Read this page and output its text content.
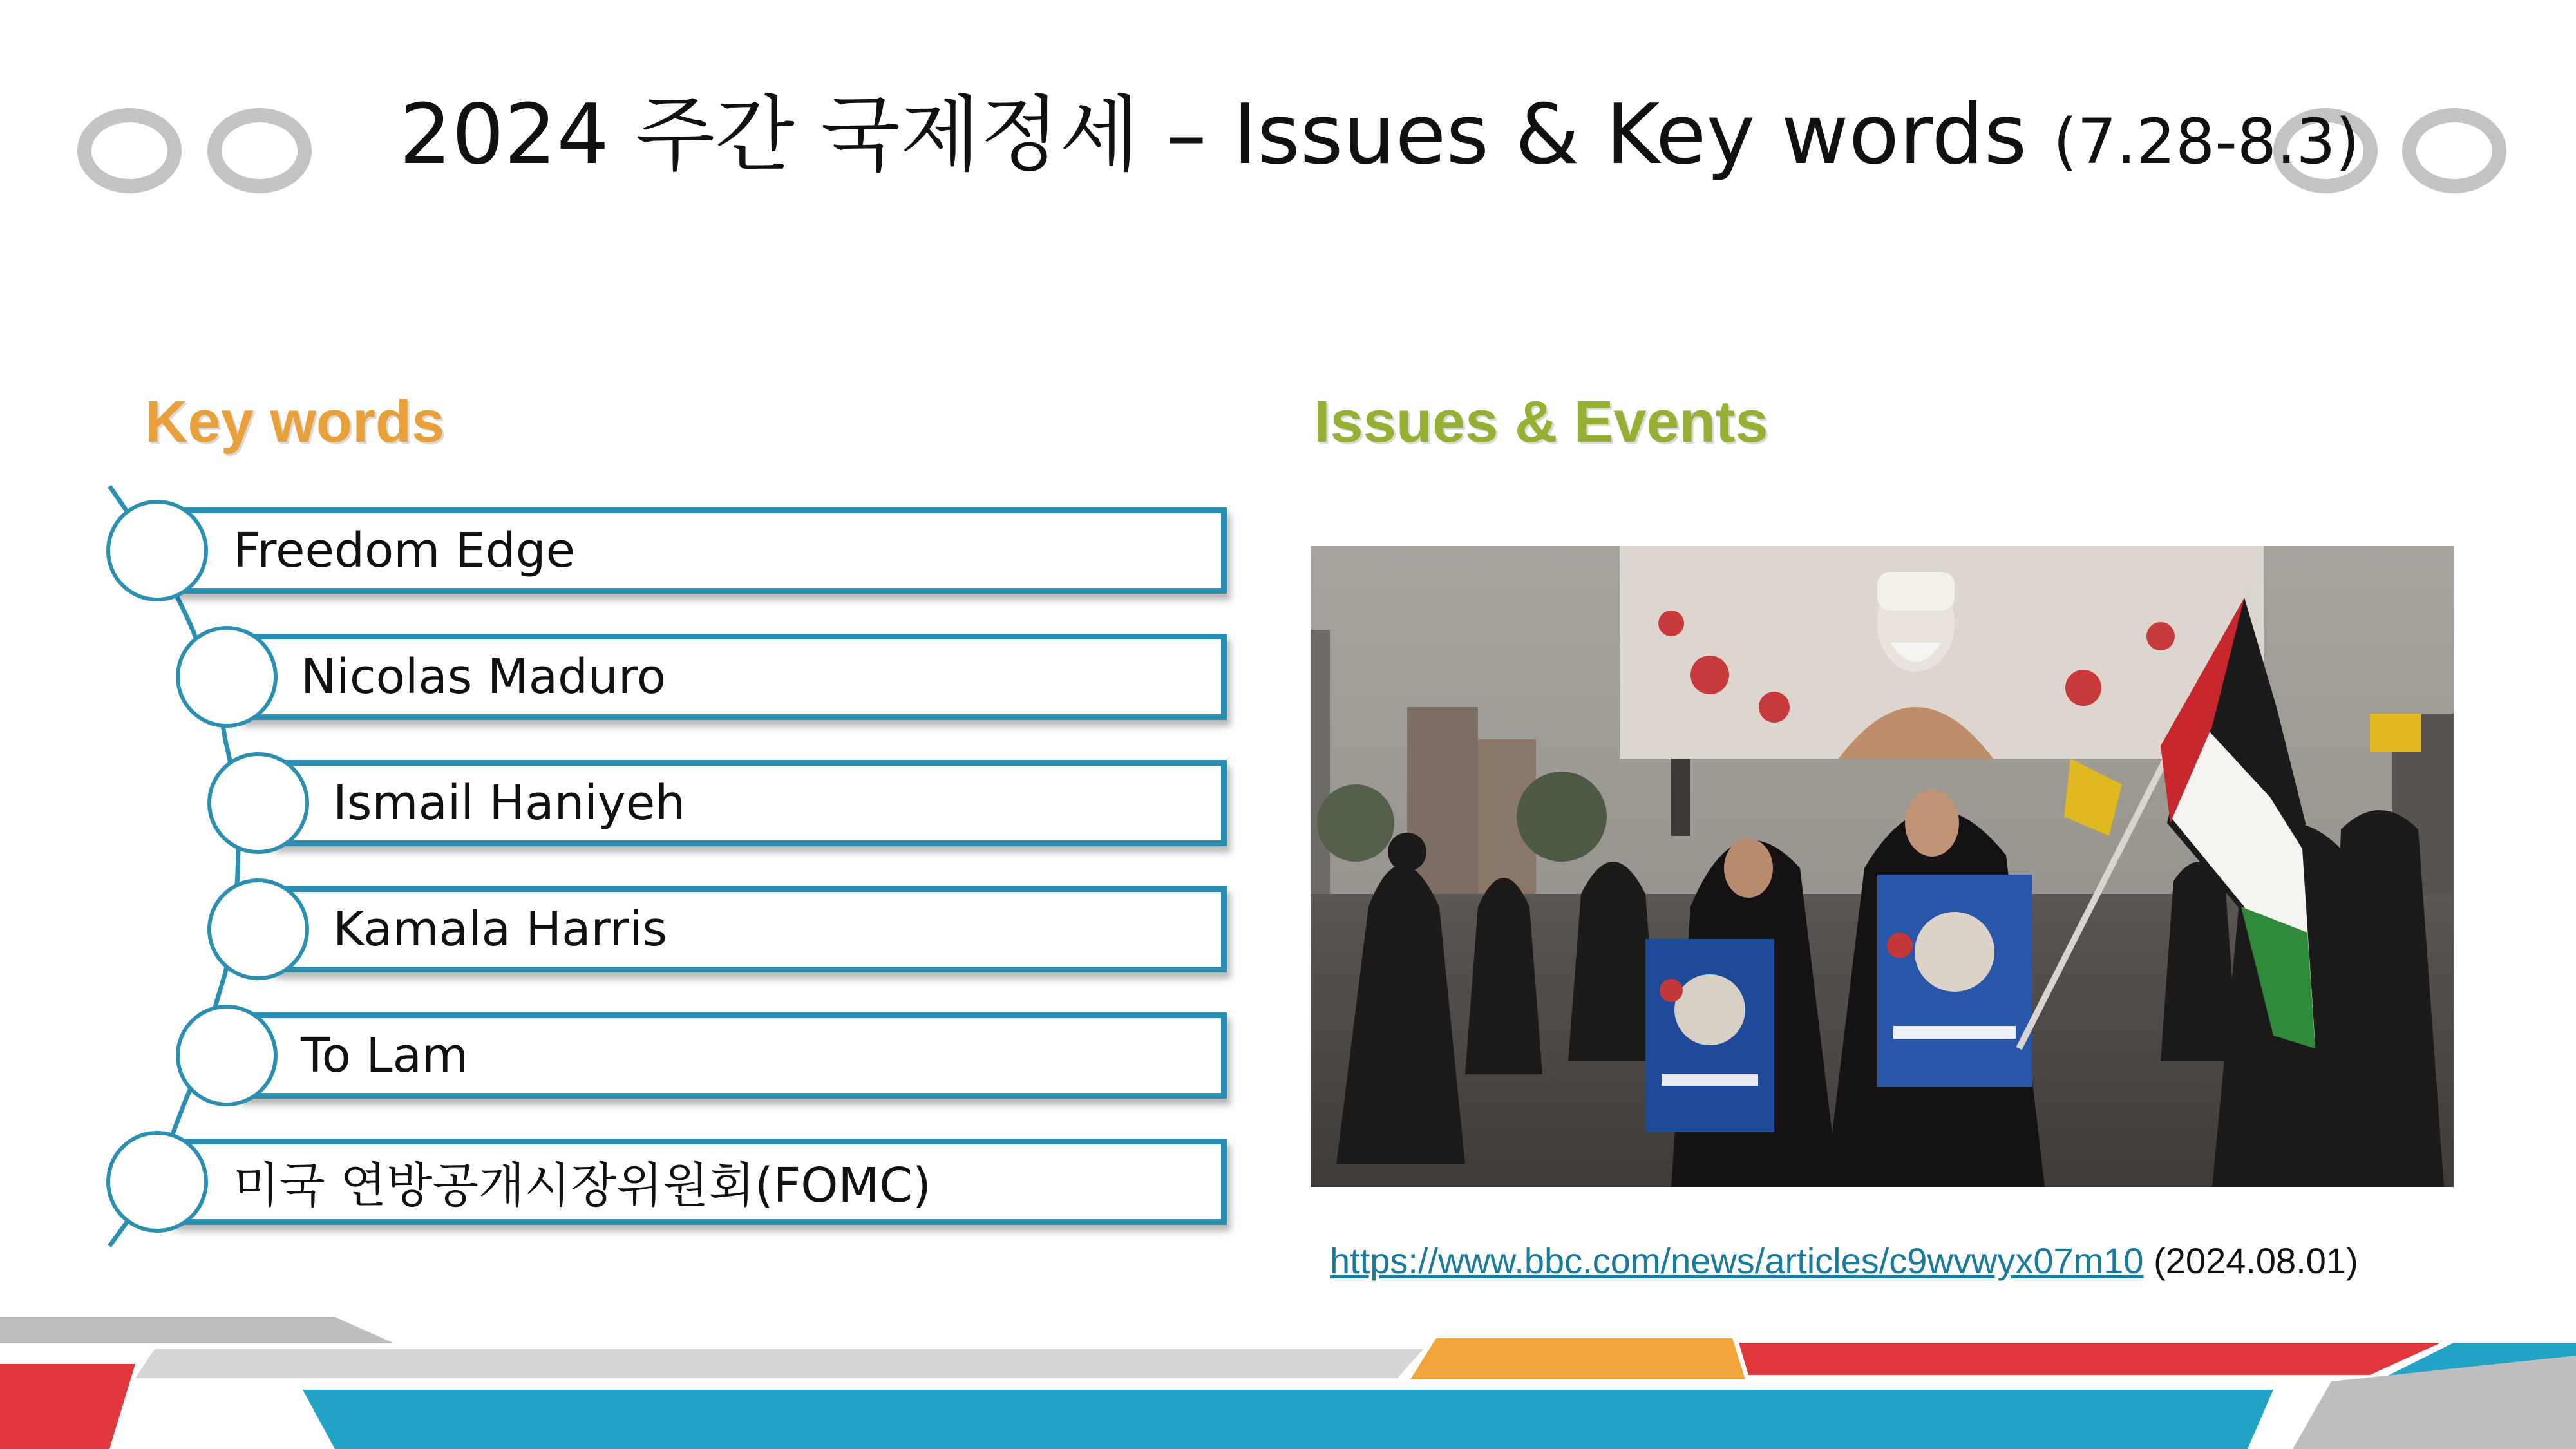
2024 주간 국제정세 – Issues & Key words (7.28-8.3)
Key words	Issues & Events
Freedom Edge
Nicolas Maduro
Ismail Haniyeh
Kamala Harris
To Lam
미국 연방공개시장위원회(FOMC)
https://www.bbc.com/news/articles/c9wvwyx07m10 (2024.08.01)
